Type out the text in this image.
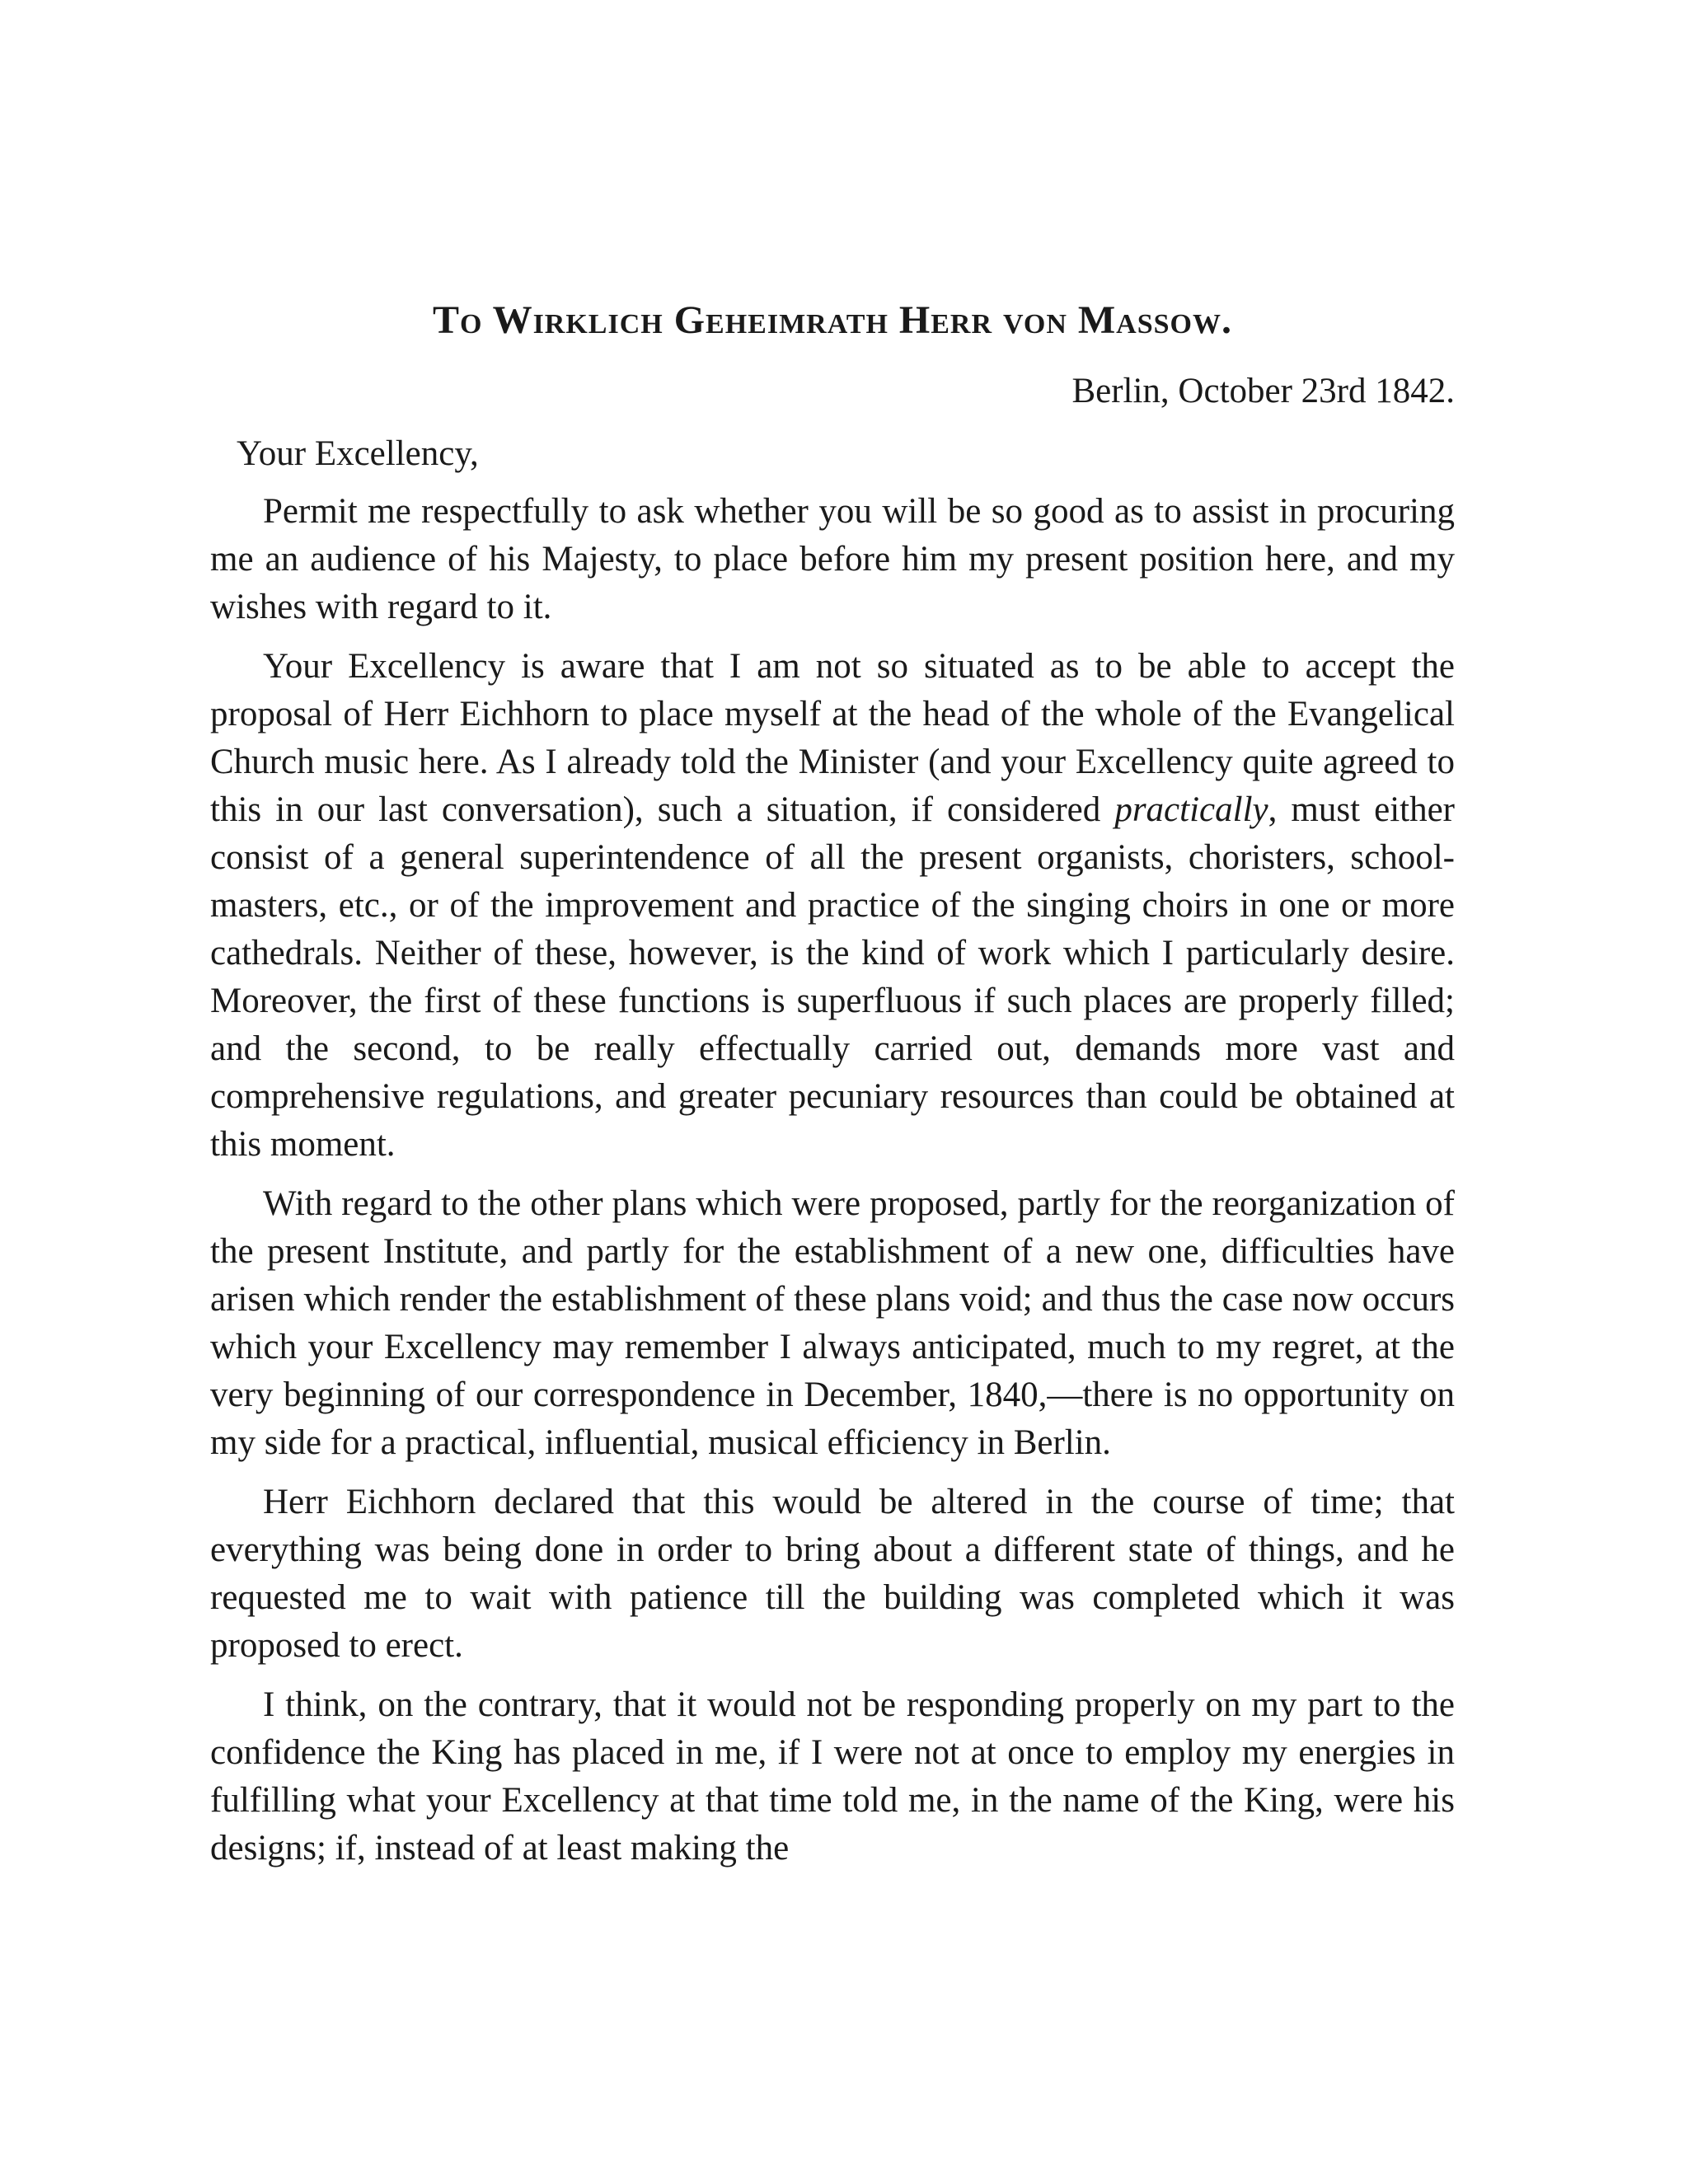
To Wirklich Geheimrath Herr von Massow.
Berlin, October 23rd 1842.
Your Excellency,

Permit me respectfully to ask whether you will be so good as to assist in procuring me an audience of his Majesty, to place before him my present position here, and my wishes with regard to it.

Your Excellency is aware that I am not so situated as to be able to accept the proposal of Herr Eichhorn to place myself at the head of the whole of the Evangelical Church music here. As I already told the Minister (and your Excellency quite agreed to this in our last conversation), such a situation, if considered practically, must either consist of a general superintendence of all the present organists, choristers, school-masters, etc., or of the improvement and practice of the singing choirs in one or more cathedrals. Neither of these, however, is the kind of work which I particularly desire. Moreover, the first of these functions is superfluous if such places are properly filled; and the second, to be really effectually carried out, demands more vast and comprehensive regulations, and greater pecuniary resources than could be obtained at this moment.

With regard to the other plans which were proposed, partly for the reorganization of the present Institute, and partly for the establishment of a new one, difficulties have arisen which render the establishment of these plans void; and thus the case now occurs which your Excellency may remember I always anticipated, much to my regret, at the very beginning of our correspondence in December, 1840,—there is no opportunity on my side for a practical, influential, musical efficiency in Berlin.

Herr Eichhorn declared that this would be altered in the course of time; that everything was being done in order to bring about a different state of things, and he requested me to wait with patience till the building was completed which it was proposed to erect.

I think, on the contrary, that it would not be responding properly on my part to the confidence the King has placed in me, if I were not at once to employ my energies in fulfilling what your Excellency at that time told me, in the name of the King, were his designs; if, instead of at least making the
